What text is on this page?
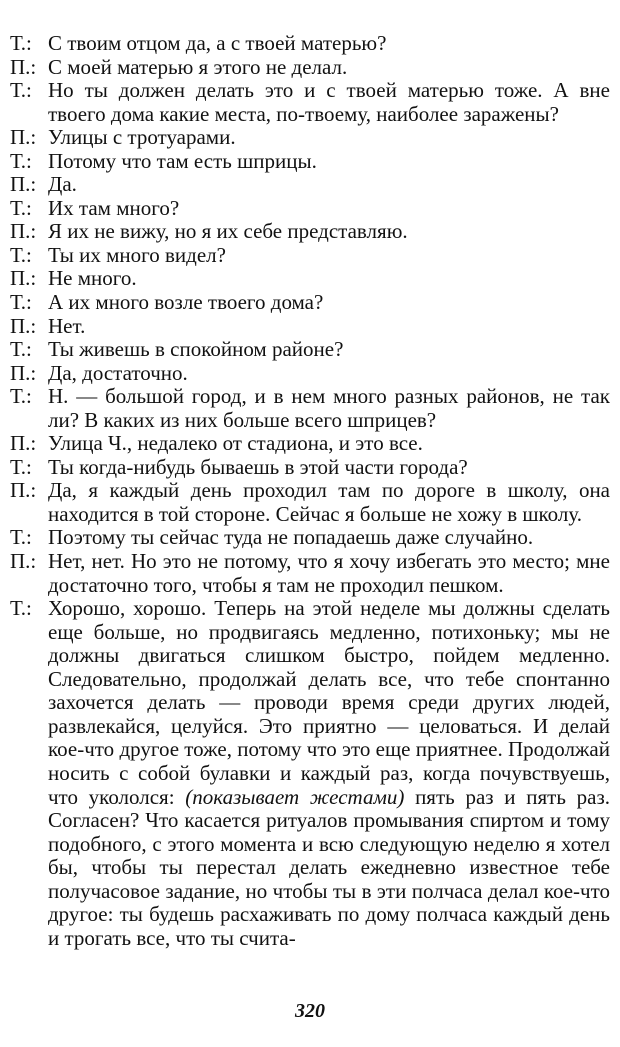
Т.: С твоим отцом да, а с твоей матерью?
П.: С моей матерью я этого не делал.
Т.: Но ты должен делать это и с твоей матерью тоже. А вне твоего дома какие места, по-твоему, наиболее заражены?
П.: Улицы с тротуарами.
Т.: Потому что там есть шприцы.
П.: Да.
Т.: Их там много?
П.: Я их не вижу, но я их себе представляю.
Т.: Ты их много видел?
П.: Не много.
Т.: А их много возле твоего дома?
П.: Нет.
Т.: Ты живешь в спокойном районе?
П.: Да, достаточно.
Т.: Н. — большой город, и в нем много разных районов, не так ли? В каких из них больше всего шприцев?
П.: Улица Ч., недалеко от стадиона, и это все.
Т.: Ты когда-нибудь бываешь в этой части города?
П.: Да, я каждый день проходил там по дороге в школу, она находится в той стороне. Сейчас я больше не хожу в школу.
Т.: Поэтому ты сейчас туда не попадаешь даже случайно.
П.: Нет, нет. Но это не потому, что я хочу избегать это место; мне достаточно того, чтобы я там не проходил пешком.
Т.: Хорошо, хорошо. Теперь на этой неделе мы должны сделать еще больше, но продвигаясь медленно, потихоньку; мы не должны двигаться слишком быстро, пойдем медленно. Следовательно, продолжай делать все, что тебе спонтанно захочется делать — проводи время среди других людей, развлекайся, целуйся. Это приятно — целоваться. И делай кое-что другое тоже, потому что это еще приятнее. Продолжай носить с собой булавки и каждый раз, когда почувствуешь, что укололся: (показывает жестами) пять раз и пять раз. Согласен? Что касается ритуалов промывания спиртом и тому подобного, с этого момента и всю следующую неделю я хотел бы, чтобы ты перестал делать ежедневно известное тебе получасовое задание, но чтобы ты в эти полчаса делал кое-что другое: ты будешь расхаживать по дому полчаса каждый день и трогать все, что ты счита-
320
